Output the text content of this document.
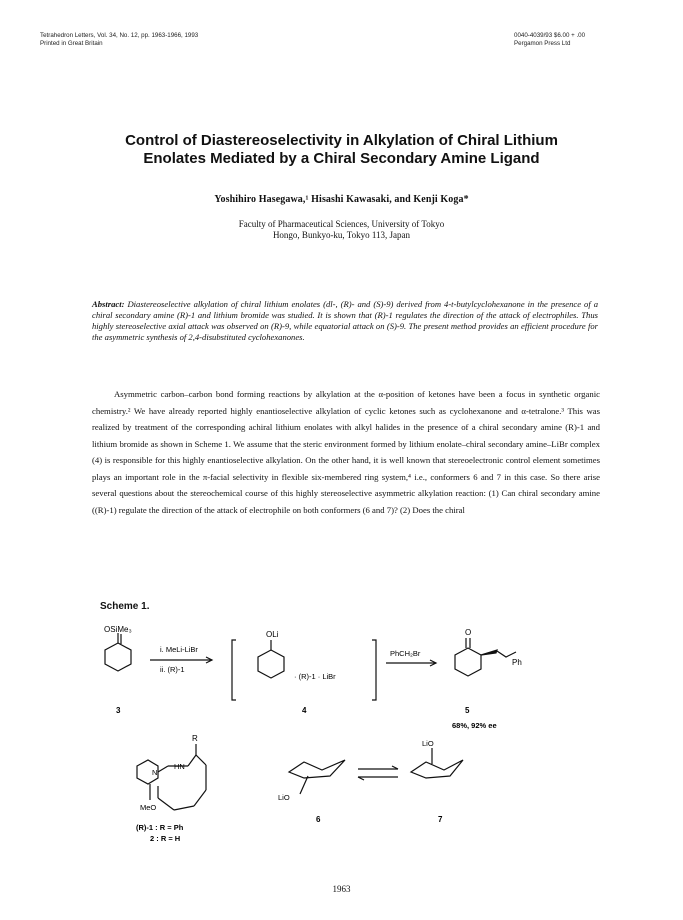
Tetrahedron Letters, Vol. 34, No. 12, pp. 1963-1966, 1993
Printed in Great Britain
0040-4039/93 $6.00 + .00
Pergamon Press Ltd
Control of Diastereoselectivity in Alkylation of Chiral Lithium
Enolates Mediated by a Chiral Secondary Amine Ligand
Yoshihiro Hasegawa,¹ Hisashi Kawasaki, and Kenji Koga*
Faculty of Pharmaceutical Sciences, University of Tokyo
Hongo, Bunkyo-ku, Tokyo 113, Japan
Abstract: Diastereoselective alkylation of chiral lithium enolates (dl-, (R)- and (S)-9) derived from 4-t-butylcyclohexanone in the presence of a chiral secondary amine (R)-1 and lithium bromide was studied. It is shown that (R)-1 regulates the direction of the attack of electrophiles. Thus highly stereoselective axial attack was observed on (R)-9, while equatorial attack on (S)-9. The present method provides an efficient procedure for the asymmetric synthesis of 2,4-disubstituted cyclohexanones.

Asymmetric carbon–carbon bond forming reactions by alkylation at the α-position of ketones have been a focus in synthetic organic chemistry.² We have already reported highly enantioselective alkylation of cyclic ketones such as cyclohexanone and α-tetralone.³ This was realized by treatment of the corresponding achiral lithium enolates with alkyl halides in the presence of a chiral secondary amine (R)-1 and lithium bromide as shown in Scheme 1. We assume that the steric environment formed by lithium enolate–chiral secondary amine–LiBr complex (4) is responsible for this highly enantioselective alkylation. On the other hand, it is well known that stereoelectronic control element sometimes plays an important role in the π-facial selectivity in flexible six-membered ring system,⁴ i.e., conformers 6 and 7 in this case. So there arise several questions about the stereochemical course of this highly stereoselective asymmetric alkylation reaction: (1) Can chiral secondary amine ((R)-1) regulate the direction of the attack of electrophile on both conformers (6 and 7)? (2) Does the chiral

Scheme 1.
OSiMe₃
i. MeLi-LiBr
ii. (R)-1
3
OLi
· (R)-1 · LiBr
4
PhCH₂Br
O
Ph
5
68%, 92% ee
R
HN
N
MeO
(R)-1 : R = Ph
2 : R = H
LiO
6
LiO
7
1963
